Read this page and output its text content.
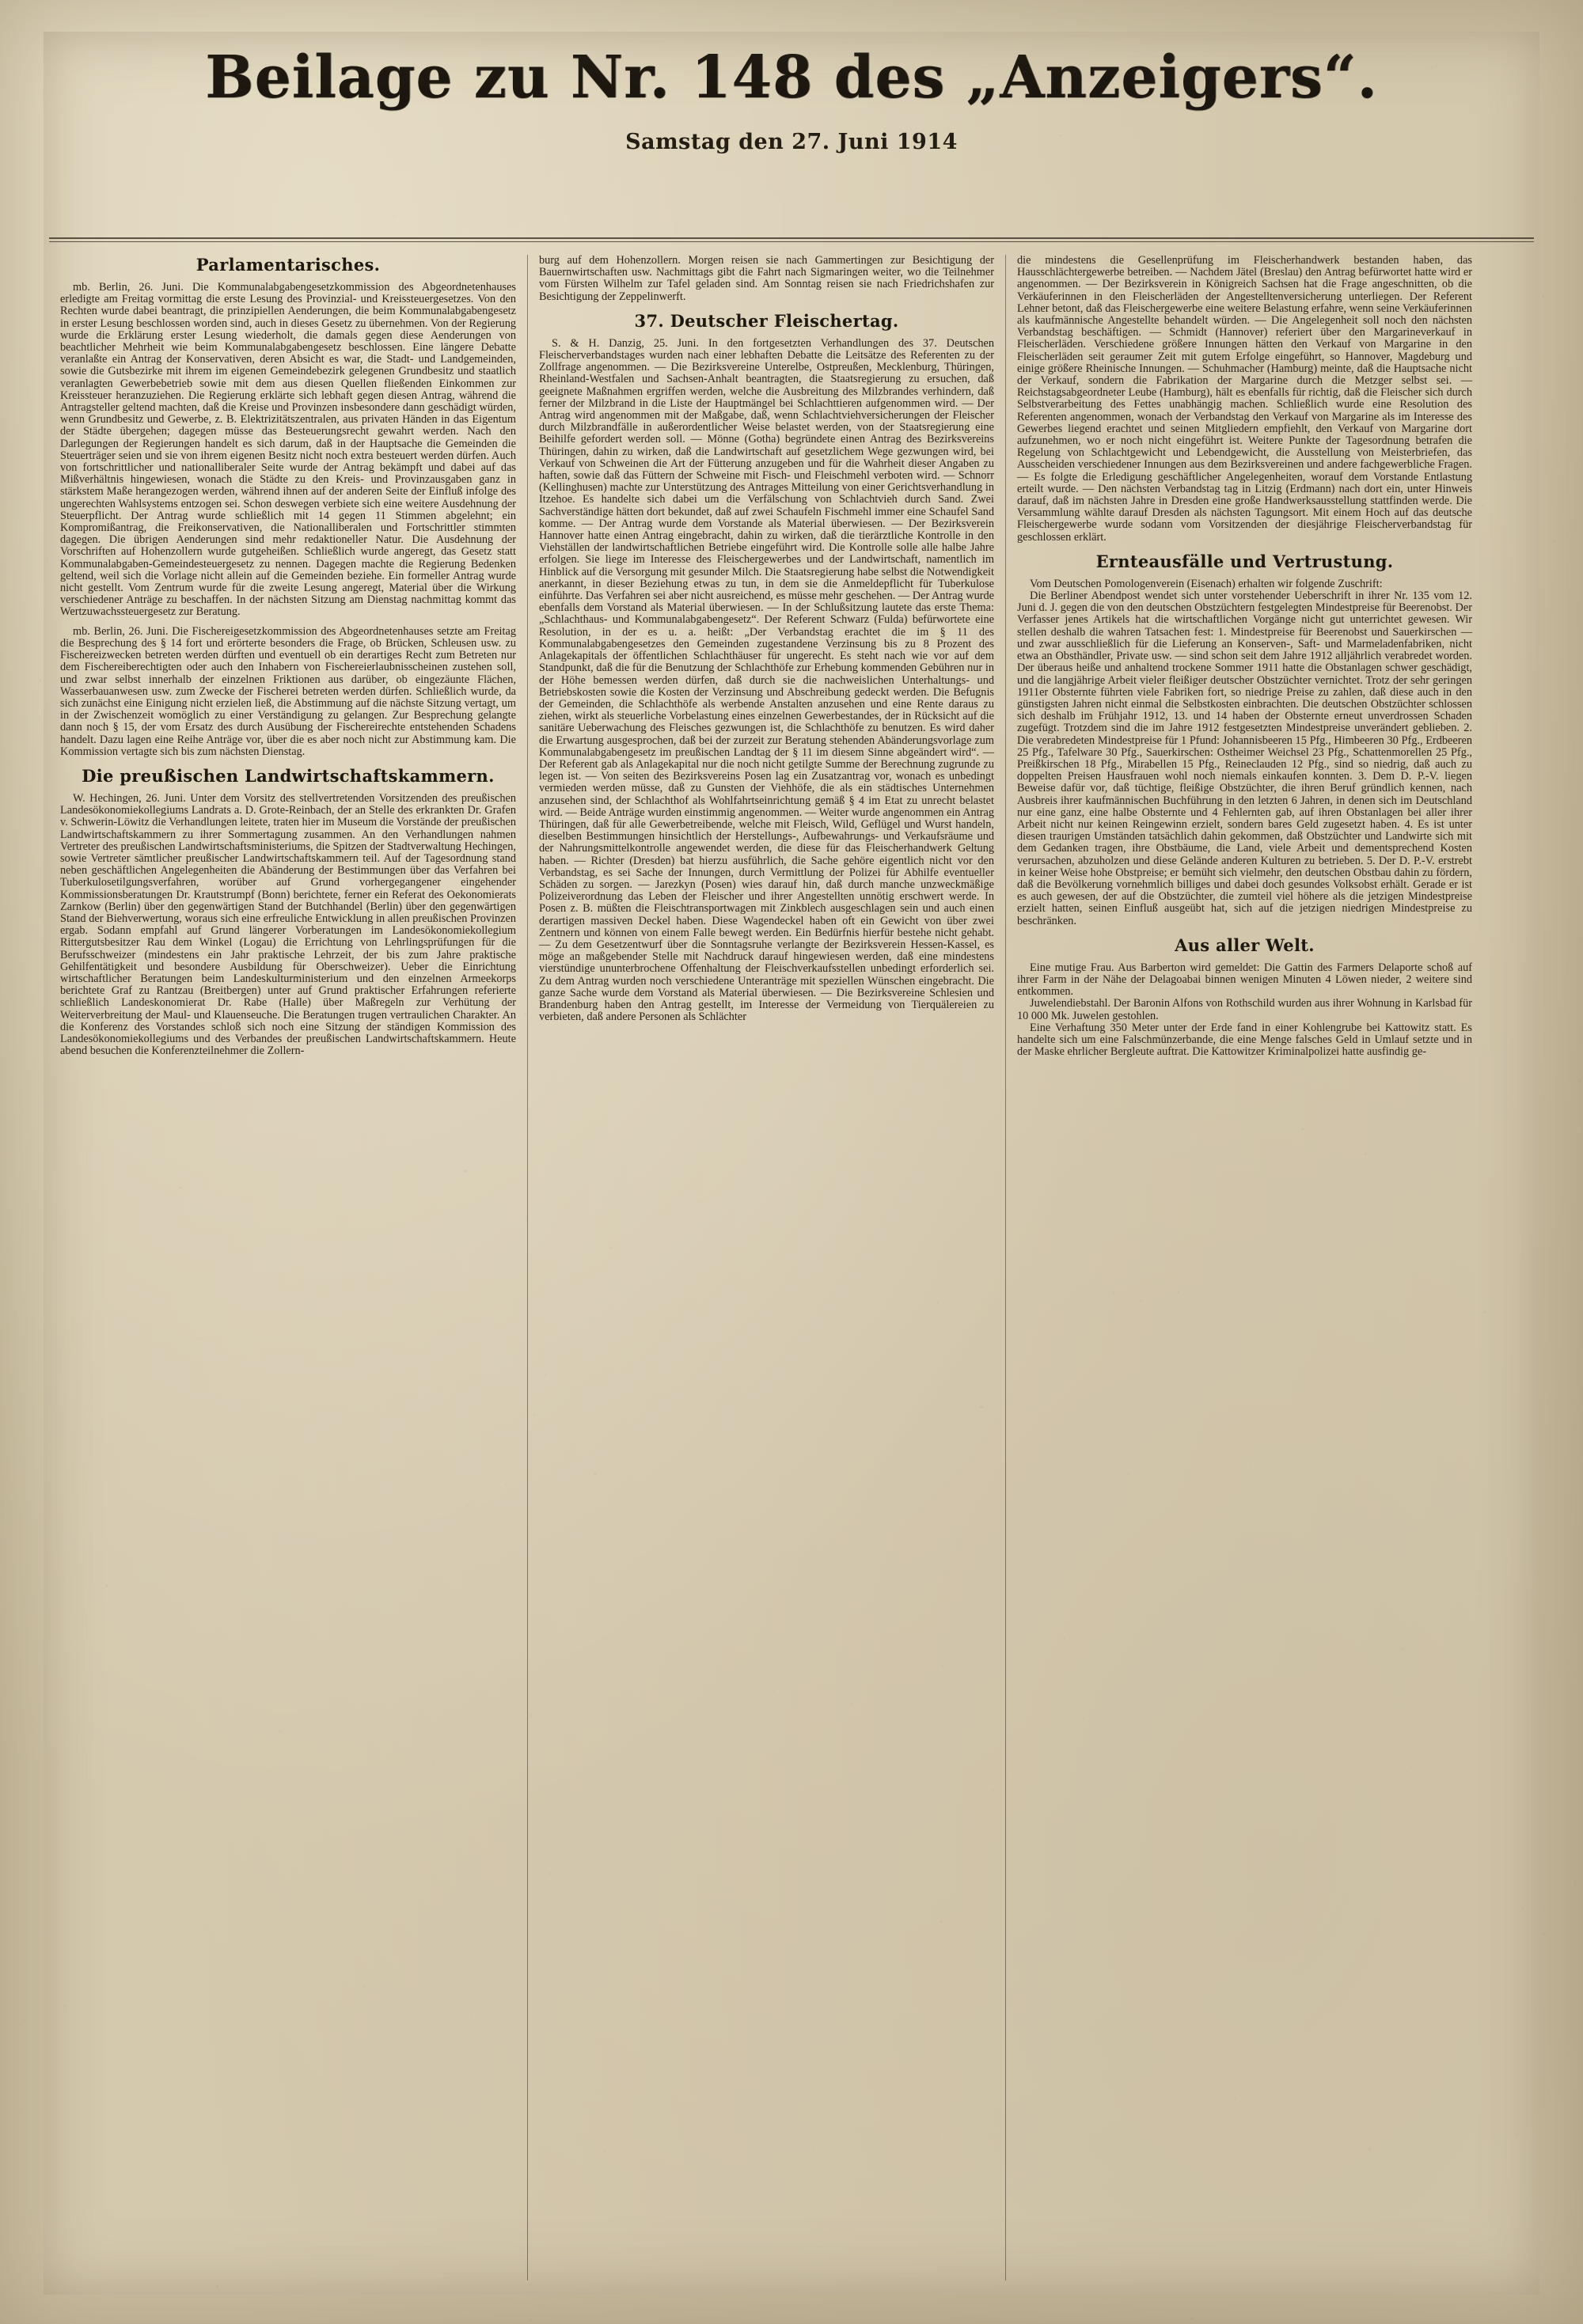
Beilage zu Nr. 148 des „Anzeigers“.
Samstag den 27. Juni 1914
Parlamentarisches.

mb. Berlin, 26. Juni. Die Kommunalabgabengesetzkommission des Abgeordnetenhauses erledigte am Freitag vormittag die erste Lesung des Provinzial- und Kreissteuergesetzes. Von den Rechten wurde dabei beantragt, die prinzipiellen Aenderungen, die beim Kommunalabgabengesetz in erster Lesung beschlossen worden sind, auch in dieses Gesetz zu übernehmen. Von der Regierung wurde die Erklärung erster Lesung wiederholt, die damals gegen diese Aenderungen von beachtlicher Mehrheit wie beim Kommunalabgabengesetz beschlossen. Eine längere Debatte veranlaßte ein Antrag der Konservativen, deren Absicht es war, die Stadt- und Landgemeinden, sowie die Gutsbezirke mit ihrem im eigenen Gemeindebezirk gelegenen Grundbesitz und staatlich veranlagten Gewerbebetrieb sowie mit dem aus diesen Quellen fließenden Einkommen zur Kreissteuer heranzuziehen. Die Regierung erklärte sich lebhaft gegen diesen Antrag, während die Antragsteller geltend machten, daß die Kreise und Provinzen insbesondere dann geschädigt würden, wenn Grundbesitz und Gewerbe, z. B. Elektrizitätszentralen, aus privaten Händen in das Eigentum der Städte übergehen; dagegen müsse das Besteuerungsrecht gewahrt werden. Nach den Darlegungen der Regierungen handelt es sich darum, daß in der Hauptsache die Gemeinden die Steuerträger seien und sie von ihrem eigenen Besitz nicht noch extra besteuert werden dürfen. Auch von fortschrittlicher und nationalliberaler Seite wurde der Antrag bekämpft und dabei auf das Mißverhältnis hingewiesen, wonach die Städte zu den Kreis- und Provinzausgaben ganz in stärkstem Maße herangezogen werden, während ihnen auf der anderen Seite der Einfluß infolge des ungerechten Wahlsystems entzogen sei. Schon deswegen verbiete sich eine weitere Ausdehnung der Steuerpflicht. Der Antrag wurde schließlich mit 14 gegen 11 Stimmen abgelehnt; ein Kompromißantrag, die Freikonservativen, die Nationalliberalen und Fortschrittler stimmten dagegen. Die übrigen Aenderungen sind mehr redaktioneller Natur. Die Ausdehnung der Vorschriften auf Hohenzollern wurde gutgeheißen. Schließlich wurde angeregt, das Gesetz statt Kommunalabgaben-Gemeindesteuergesetz zu nennen. Dagegen machte die Regierung Bedenken geltend, weil sich die Vorlage nicht allein auf die Gemeinden beziehe. Ein formeller Antrag wurde nicht gestellt. Vom Zentrum wurde für die zweite Lesung angeregt, Material über die Wirkung verschiedener Anträge zu beschaffen. In der nächsten Sitzung am Dienstag nachmittag kommt das Wertzuwachssteuergesetz zur Beratung.

mb. Berlin, 26. Juni. Die Fischereigesetzkommission des Abgeordnetenhauses setzte am Freitag die Besprechung des § 14 fort und erörterte besonders die Frage, ob Brücken, Schleusen usw. zu Fischereizwecken betreten werden dürften und eventuell ob ein derartiges Recht zum Betreten nur dem Fischereiberechtigten oder auch den Inhabern von Fischereierlaubnisscheinen zustehen soll, und zwar selbst innerhalb der einzelnen Friktionen aus darüber, ob eingezäunte Flächen, Wasserbauanwesen usw. zum Zwecke der Fischerei betreten werden dürfen. Schließlich wurde, da sich zunächst eine Einigung nicht erzielen ließ, die Abstimmung auf die nächste Sitzung vertagt, um in der Zwischenzeit womöglich zu einer Verständigung zu gelangen. Zur Besprechung gelangte dann noch § 15, der vom Ersatz des durch Ausübung der Fischereirechte entstehenden Schadens handelt. Dazu lagen eine Reihe Anträge vor, über die es aber noch nicht zur Abstimmung kam. Die Kommission vertagte sich bis zum nächsten Dienstag.

Die preußischen Landwirtschaftskammern.

W. Hechingen, 26. Juni. Unter dem Vorsitz des stellvertretenden Vorsitzenden des preußischen Landesökonomiekollegiums Landrats a. D. Grote-Reinbach, der an Stelle des erkrankten Dr. Grafen v. Schwerin-Löwitz die Verhandlungen leitete, traten hier im Museum die Vorstände der preußischen Landwirtschaftskammern zu ihrer Sommertagung zusammen. An den Verhandlungen nahmen Vertreter des preußischen Landwirtschaftsministeriums, die Spitzen der Stadtverwaltung Hechingen, sowie Vertreter sämtlicher preußischer Landwirtschaftskammern teil. Auf der Tagesordnung stand neben geschäftlichen Angelegenheiten die Abänderung der Bestimmungen über das Verfahren bei Tuberkulosetilgungsverfahren, worüber auf Grund vorhergegangener eingehender Kommissionsberatungen Dr. Krautstrumpf (Bonn) berichtete, ferner ein Referat des Oekonomierats Zarnkow (Berlin) über den gegenwärtigen Stand der Butchhandel (Berlin) über den gegenwärtigen Stand der Biehverwertung, woraus sich eine erfreuliche Entwicklung in allen preußischen Provinzen ergab. Sodann empfahl auf Grund längerer Vorberatungen im Landesökonomiekollegium Rittergutsbesitzer Rau dem Winkel (Logau) die Errichtung von Lehrlingsprüfungen für die Berufsschweizer (mindestens ein Jahr praktische Lehrzeit, der bis zum Jahre praktische Gehilfentätigkeit und besondere Ausbildung für Oberschweizer). Ueber die Einrichtung wirtschaftlicher Beratungen beim Landeskulturministerium und den einzelnen Armeekorps berichtete Graf zu Rantzau (Breitbergen) unter auf Grund praktischer Erfahrungen referierte schließlich Landeskonomierat Dr. Rabe (Halle) über Maßregeln zur Verhütung der Weiterverbreitung der Maul- und Klauenseuche. Die Beratungen trugen vertraulichen Charakter. An die Konferenz des Vorstandes schloß sich noch eine Sitzung der ständigen Kommission des Landesökonomiekollegiums und des Verbandes der preußischen Landwirtschaftskammern. Heute abend besuchen die Konferenzteilnehmer die Zollern-

burg auf dem Hohenzollern. Morgen reisen sie nach Gammertingen zur Besichtigung der Bauernwirtschaften usw. Nachmittags gibt die Fahrt nach Sigmaringen weiter, wo die Teilnehmer vom Fürsten Wilhelm zur Tafel geladen sind. Am Sonntag reisen sie nach Friedrichshafen zur Besichtigung der Zeppelinwerft.

37. Deutscher Fleischertag.

S. & H. Danzig, 25. Juni. In den fortgesetzten Verhandlungen des 37. Deutschen Fleischerverbandstages wurden nach einer lebhaften Debatte die Leitsätze des Referenten zu der Zollfrage angenommen. — Die Bezirksvereine Unterelbe, Ostpreußen, Mecklenburg, Thüringen, Rheinland-Westfalen und Sachsen-Anhalt beantragten, die Staatsregierung zu ersuchen, daß geeignete Maßnahmen ergriffen werden, welche die Ausbreitung des Milzbrandes verhindern, daß ferner der Milzbrand in die Liste der Hauptmängel bei Schlachttieren aufgenommen wird. — Der Antrag wird angenommen mit der Maßgabe, daß, wenn Schlachtviehversicherungen der Fleischer durch Milzbrandfälle in außerordentlicher Weise belastet werden, von der Staatsregierung eine Beihilfe gefordert werden soll. — Mönne (Gotha) begründete einen Antrag des Bezirksvereins Thüringen, dahin zu wirken, daß die Landwirtschaft auf gesetzlichem Wege gezwungen wird, bei Verkauf von Schweinen die Art der Fütterung anzugeben und für die Wahrheit dieser Angaben zu haften, sowie daß das Füttern der Schweine mit Fisch- und Fleischmehl verboten wird. — Schnorr (Kellinghusen) machte zur Unterstützung des Antrages Mitteilung von einer Gerichtsverhandlung in Itzehoe. Es handelte sich dabei um die Verfälschung von Schlachtvieh durch Sand. Zwei Sachverständige hätten dort bekundet, daß auf zwei Schaufeln Fischmehl immer eine Schaufel Sand komme. — Der Antrag wurde dem Vorstande als Material überwiesen. — Der Bezirksverein Hannover hatte einen Antrag eingebracht, dahin zu wirken, daß die tierärztliche Kontrolle in den Viehställen der landwirtschaftlichen Betriebe eingeführt wird. Die Kontrolle solle alle halbe Jahre erfolgen. Sie liege im Interesse des Fleischergewerbes und der Landwirtschaft, namentlich im Hinblick auf die Versorgung mit gesunder Milch. Die Staatsregierung habe selbst die Notwendigkeit anerkannt, in dieser Beziehung etwas zu tun, in dem sie die Anmeldepflicht für Tuberkulose einführte. Das Verfahren sei aber nicht ausreichend, es müsse mehr geschehen. — Der Antrag wurde ebenfalls dem Vorstand als Material überwiesen. — In der Schlußsitzung lautete das erste Thema: „Schlachthaus- und Kommunalabgabengesetz“. Der Referent Schwarz (Fulda) befürwortete eine Resolution, in der es u. a. heißt: „Der Verbandstag erachtet die im § 11 des Kommunalabgabengesetzes den Gemeinden zugestandene Verzinsung bis zu 8 Prozent des Anlagekapitals der öffentlichen Schlachthäuser für ungerecht. Es steht nach wie vor auf dem Standpunkt, daß die für die Benutzung der Schlachthöfe zur Erhebung kommenden Gebühren nur in der Höhe bemessen werden dürfen, daß durch sie die nachweislichen Unterhaltungs- und Betriebskosten sowie die Kosten der Verzinsung und Abschreibung gedeckt werden. Die Befugnis der Gemeinden, die Schlachthöfe als werbende Anstalten anzusehen und eine Rente daraus zu ziehen, wirkt als steuerliche Vorbelastung eines einzelnen Gewerbestandes, der in Rücksicht auf die sanitäre Ueberwachung des Fleisches gezwungen ist, die Schlachthöfe zu benutzen. Es wird daher die Erwartung ausgesprochen, daß bei der zurzeit zur Beratung stehenden Abänderungsvorlage zum Kommunalabgabengesetz im preußischen Landtag der § 11 im diesem Sinne abgeändert wird“. — Der Referent gab als Anlagekapital nur die noch nicht getilgte Summe der Berechnung zugrunde zu legen ist. — Von seiten des Bezirksvereins Posen lag ein Zusatzantrag vor, wonach es unbedingt vermieden werden müsse, daß zu Gunsten der Viehhöfe, die als ein städtisches Unternehmen anzusehen sind, der Schlachthof als Wohlfahrtseinrichtung gemäß § 4 im Etat zu unrecht belastet wird. — Beide Anträge wurden einstimmig angenommen. — Weiter wurde angenommen ein Antrag Thüringen, daß für alle Gewerbetreibende, welche mit Fleisch, Wild, Geflügel und Wurst handeln, dieselben Bestimmungen hinsichtlich der Herstellungs-, Aufbewahrungs- und Verkaufsräume und der Nahrungsmittelkontrolle angewendet werden, die diese für das Fleischerhandwerk Geltung haben. — Richter (Dresden) bat hierzu ausführlich, die Sache gehöre eigentlich nicht vor den Verbandstag, es sei Sache der Innungen, durch Vermittlung der Polizei für Abhilfe eventueller Schäden zu sorgen. — Jarezkyn (Posen) wies darauf hin, daß durch manche unzweckmäßige Polizeiverordnung das Leben der Fleischer und ihrer Angestellten unnötig erschwert werde. In Posen z. B. müßten die Fleischtransportwagen mit Zinkblech ausgeschlagen sein und auch einen derartigen massiven Deckel haben. Diese Wagendeckel haben oft ein Gewicht von über zwei Zentnern und können von einem Falle bewegt werden. Ein Bedürfnis hierfür bestehe nicht gehabt. — Zu dem Gesetzentwurf über die Sonntagsruhe verlangte der Bezirksverein Hessen-Kassel, es möge an maßgebender Stelle mit Nachdruck darauf hingewiesen werden, daß eine mindestens vierstündige ununterbrochene Offenhaltung der Fleischverkaufsstellen unbedingt erforderlich sei. Zu dem Antrag wurden noch verschiedene Unteranträge mit speziellen Wünschen eingebracht. Die ganze Sache wurde dem Vorstand als Material überwiesen. — Die Bezirksvereine Schlesien und Brandenburg haben den Antrag gestellt, im Interesse der Vermeidung von Tierquälereien zu verbieten, daß andere Personen als Schlächter

die mindestens die Gesellenprüfung im Fleischerhandwerk bestanden haben, das Hausschlächtergewerbe betreiben. — Nachdem Jätel (Breslau) den Antrag befürwortet hatte wird er angenommen. — Der Bezirksverein in Königreich Sachsen hat die Frage angeschnitten, ob die Verkäuferinnen in den Fleischerläden der Angestelltenversicherung unterliegen. Der Referent Lehner betont, daß das Fleischergewerbe eine weitere Belastung erfahre, wenn seine Verkäuferinnen als kaufmännische Angestellte behandelt würden. — Die Angelegenheit soll noch den nächsten Verbandstag beschäftigen. — Schmidt (Hannover) referiert über den Margarineverkauf in Fleischerläden. Verschiedene größere Innungen hätten den Verkauf von Margarine in den Fleischerläden seit geraumer Zeit mit gutem Erfolge eingeführt, so Hannover, Magdeburg und einige größere Rheinische Innungen. — Schuhmacher (Hamburg) meinte, daß die Hauptsache nicht der Verkauf, sondern die Fabrikation der Margarine durch die Metzger selbst sei. — Reichstagsabgeordneter Leube (Hamburg), hält es ebenfalls für richtig, daß die Fleischer sich durch Selbstverarbeitung des Fettes unabhängig machen. Schließlich wurde eine Resolution des Referenten angenommen, wonach der Verbandstag den Verkauf von Margarine als im Interesse des Gewerbes liegend erachtet und seinen Mitgliedern empfiehlt, den Verkauf von Margarine dort aufzunehmen, wo er noch nicht eingeführt ist. Weitere Punkte der Tagesordnung betrafen die Regelung von Schlachtgewicht und Lebendgewicht, die Ausstellung von Meisterbriefen, das Ausscheiden verschiedener Innungen aus dem Bezirksvereinen und andere fachgewerbliche Fragen. — Es folgte die Erledigung geschäftlicher Angelegenheiten, worauf dem Vorstande Entlastung erteilt wurde. — Den nächsten Verbandstag tag in Litzig (Erdmann) nach dort ein, unter Hinweis darauf, daß im nächsten Jahre in Dresden eine große Handwerksausstellung stattfinden werde. Die Versammlung wählte darauf Dresden als nächsten Tagungsort. Mit einem Hoch auf das deutsche Fleischergewerbe wurde sodann vom Vorsitzenden der diesjährige Fleischerverbandstag für geschlossen erklärt.

Ernteausfälle und Vertrustung.

Vom Deutschen Pomologenverein (Eisenach) erhalten wir folgende Zuschrift:

Die Berliner Abendpost wendet sich unter vorstehender Ueberschrift in ihrer Nr. 135 vom 12. Juni d. J. gegen die von den deutschen Obstzüchtern festgelegten Mindestpreise für Beerenobst. Der Verfasser jenes Artikels hat die wirtschaftlichen Vorgänge nicht gut unterrichtet gewesen. Wir stellen deshalb die wahren Tatsachen fest: 1. Mindestpreise für Beerenobst und Sauerkirschen — und zwar ausschließlich für die Lieferung an Konserven-, Saft- und Marmeladenfabriken, nicht etwa an Obsthändler, Private usw. — sind schon seit dem Jahre 1912 alljährlich verabredet worden. Der überaus heiße und anhaltend trockene Sommer 1911 hatte die Obstanlagen schwer geschädigt, und die langjährige Arbeit vieler fleißiger deutscher Obstzüchter vernichtet. Trotz der sehr geringen 1911er Obsternte führten viele Fabriken fort, so niedrige Preise zu zahlen, daß diese auch in den günstigsten Jahren nicht einmal die Selbstkosten einbrachten. Die deutschen Obstzüchter schlossen sich deshalb im Frühjahr 1912, 13. und 14 haben der Obsternte erneut unverdrossen Schaden zugefügt. Trotzdem sind die im Jahre 1912 festgesetzten Mindestpreise unverändert geblieben. 2. Die verabredeten Mindestpreise für 1 Pfund: Johannisbeeren 15 Pfg., Himbeeren 30 Pfg., Erdbeeren 25 Pfg., Tafelware 30 Pfg., Sauerkirschen: Ostheimer Weichsel 23 Pfg., Schattenmorellen 25 Pfg., Preißkirschen 18 Pfg., Mirabellen 15 Pfg., Reineclauden 12 Pfg., sind so niedrig, daß auch zu doppelten Preisen Hausfrauen wohl noch niemals einkaufen konnten. 3. Dem D. P.-V. liegen Beweise dafür vor, daß tüchtige, fleißige Obstzüchter, die ihren Beruf gründlich kennen, nach Ausbreis ihrer kaufmännischen Buchführung in den letzten 6 Jahren, in denen sich im Deutschland nur eine ganz, eine halbe Obsternte und 4 Fehlernten gab, auf ihren Obstanlagen bei aller ihrer Arbeit nicht nur keinen Reingewinn erzielt, sondern bares Geld zugesetzt haben. 4. Es ist unter diesen traurigen Umständen tatsächlich dahin gekommen, daß Obstzüchter und Landwirte sich mit dem Gedanken tragen, ihre Obstbäume, die Land, viele Arbeit und dementsprechend Kosten verursachen, abzuholzen und diese Gelände anderen Kulturen zu betrieben. 5. Der D. P.-V. erstrebt in keiner Weise hohe Obstpreise; er bemüht sich vielmehr, den deutschen Obstbau dahin zu fördern, daß die Bevölkerung vornehmlich billiges und dabei doch gesundes Volksobst erhält. Gerade er ist es auch gewesen, der auf die Obstzüchter, die zumteil viel höhere als die jetzigen Mindestpreise erzielt hatten, seinen Einfluß ausgeübt hat, sich auf die jetzigen niedrigen Mindestpreise zu beschränken.

Aus aller Welt.

Eine mutige Frau. Aus Barberton wird gemeldet: Die Gattin des Farmers Delaporte schoß auf ihrer Farm in der Nähe der Delagoabai binnen wenigen Minuten 4 Löwen nieder, 2 weitere sind entkommen.

Juwelendiebstahl. Der Baronin Alfons von Rothschild wurden aus ihrer Wohnung in Karlsbad für 10 000 Mk. Juwelen gestohlen.

Eine Verhaftung 350 Meter unter der Erde fand in einer Kohlengrube bei Kattowitz statt. Es handelte sich um eine Falschmünzerbande, die eine Menge falsches Geld in Umlauf setzte und in der Maske ehrlicher Bergleute auftrat. Die Kattowitzer Kriminalpolizei hatte ausfindig ge-
